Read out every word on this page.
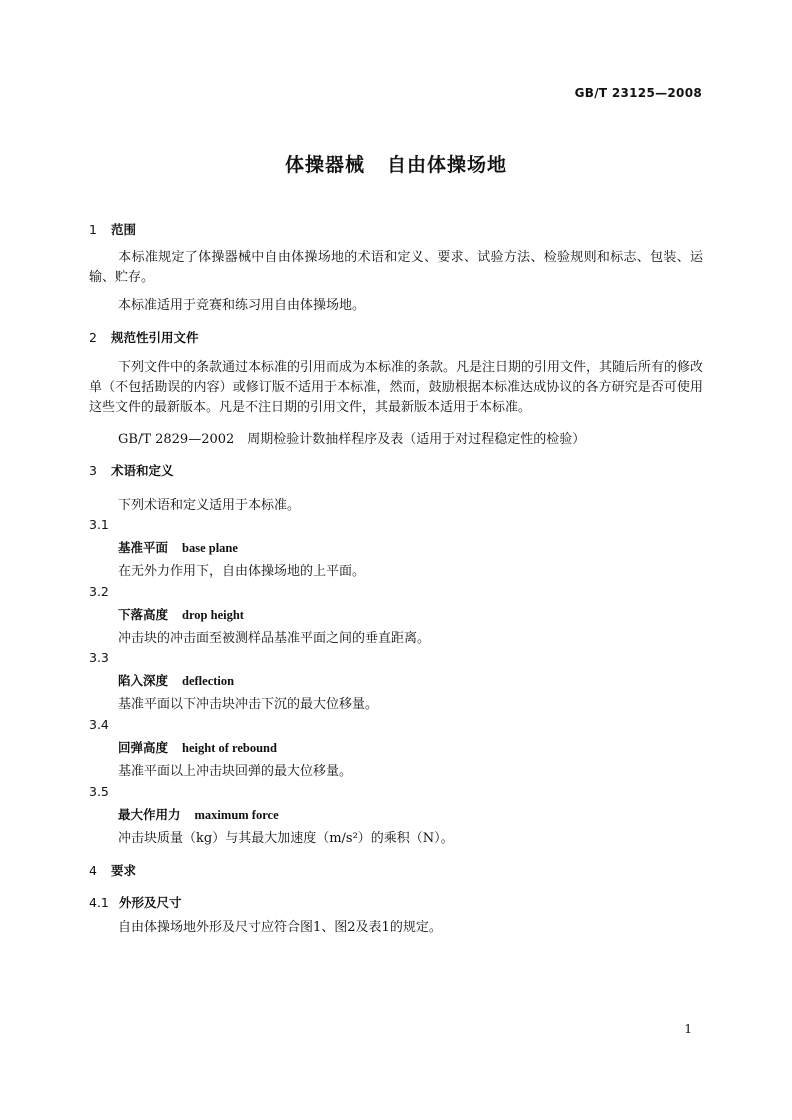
GB/T 23125—2008
体操器械 自由体操场地
1 范围
本标准规定了体操器械中自由体操场地的术语和定义、要求、试验方法、检验规则和标志、包装、运输、贮存。
本标准适用于竞赛和练习用自由体操场地。
2 规范性引用文件
下列文件中的条款通过本标准的引用而成为本标准的条款。凡是注日期的引用文件，其随后所有的修改单（不包括勘误的内容）或修订版不适用于本标准，然而，鼓励根据本标准达成协议的各方研究是否可使用这些文件的最新版本。凡是不注日期的引用文件，其最新版本适用于本标准。
GB/T 2829—2002　周期检验计数抽样程序及表（适用于对过程稳定性的检验）
3 术语和定义
下列术语和定义适用于本标准。
3.1
基准平面 base plane
在无外力作用下，自由体操场地的上平面。
3.2
下落高度 drop height
冲击块的冲击面至被测样品基准平面之间的垂直距离。
3.3
陷入深度 deflection
基准平面以下冲击块冲击下沉的最大位移量。
3.4
回弹高度 height of rebound
基准平面以上冲击块回弹的最大位移量。
3.5
最大作用力 maximum force
冲击块质量（kg）与其最大加速度（m/s²）的乘积（N）。
4 要求
4.1 外形及尺寸
自由体操场地外形及尺寸应符合图1、图2及表1的规定。
1
